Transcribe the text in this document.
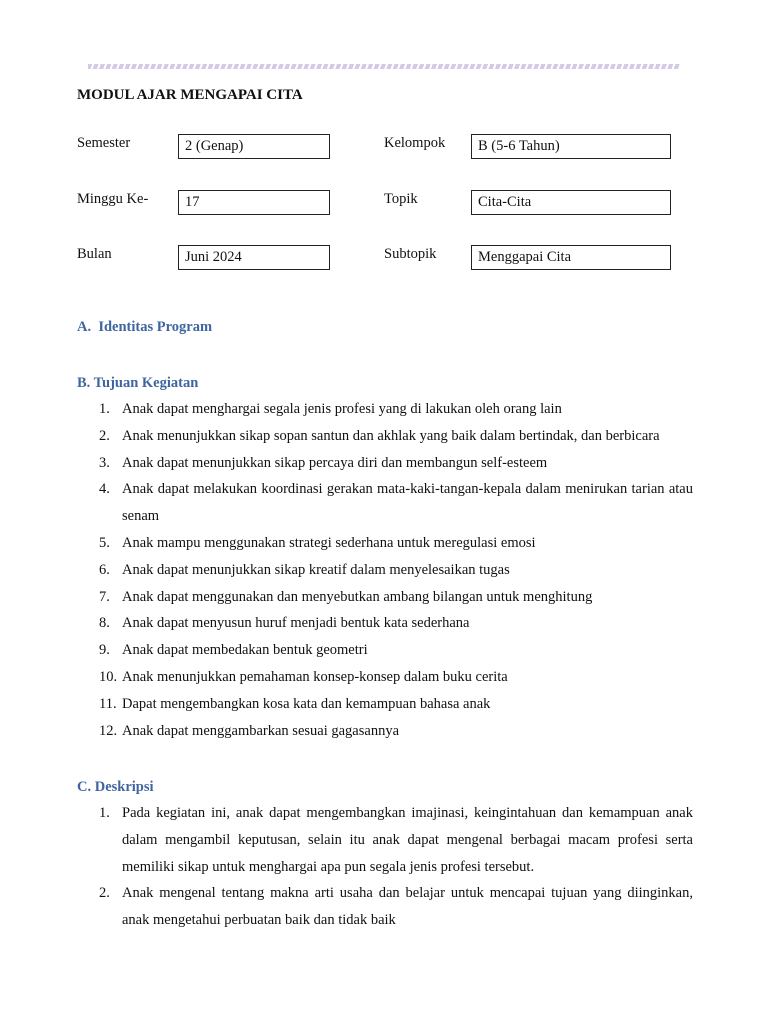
MODUL AJAR MENGAPAI CITA
Semester	2 (Genap)
Minggu Ke-	17
Bulan	Juni 2024
Kelompok	B (5-6 Tahun)
Topik	Cita-Cita
Subtopik	Menggapai Cita
A.  Identitas Program
B. Tujuan Kegiatan
1. Anak dapat menghargai segala jenis profesi yang di lakukan oleh orang lain
2. Anak menunjukkan sikap sopan santun dan akhlak yang baik dalam bertindak, dan berbicara
3. Anak dapat menunjukkan sikap percaya diri dan membangun self-esteem
4. Anak dapat melakukan koordinasi gerakan mata-kaki-tangan-kepala dalam menirukan tarian atau senam
5. Anak mampu menggunakan strategi sederhana untuk meregulasi emosi
6. Anak dapat menunjukkan sikap kreatif dalam menyelesaikan tugas
7. Anak dapat menggunakan dan menyebutkan ambang bilangan untuk menghitung
8. Anak dapat menyusun huruf menjadi bentuk kata sederhana
9. Anak dapat membedakan bentuk geometri
10. Anak menunjukkan pemahaman konsep-konsep dalam buku cerita
11. Dapat mengembangkan kosa kata dan kemampuan bahasa anak
12. Anak dapat menggambarkan sesuai gagasannya
C. Deskripsi
1. Pada kegiatan ini, anak dapat mengembangkan imajinasi, keingintahuan dan kemampuan anak dalam mengambil keputusan, selain itu anak dapat mengenal berbagai macam profesi serta memiliki sikap untuk menghargai apa pun segala jenis profesi tersebut.
2. Anak mengenal tentang makna arti usaha dan belajar untuk mencapai tujuan yang diinginkan, anak mengetahui perbuatan baik dan tidak baik
